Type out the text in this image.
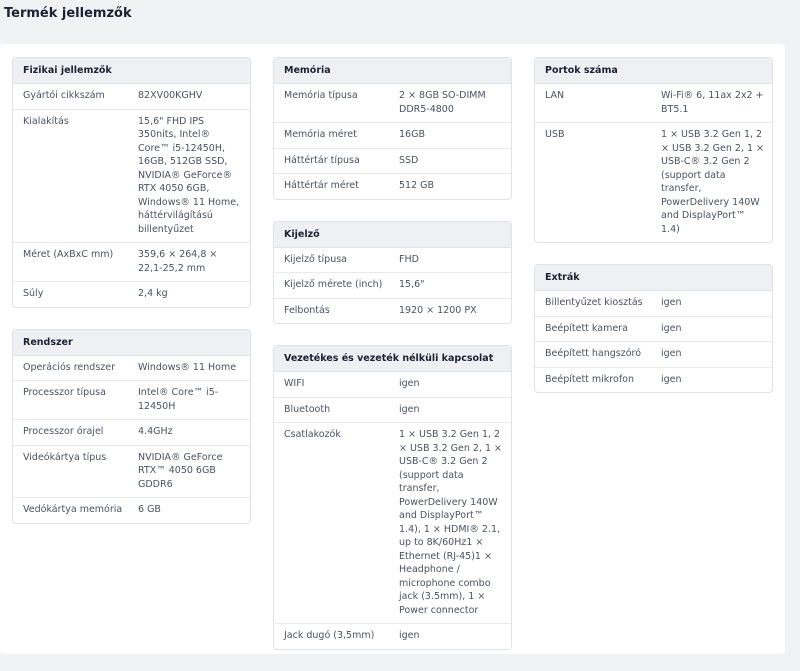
Termék jellemzők
Fizikai jellemzők
Gyártói cikkszám	82XV00KGHV
Kialakítás	15,6" FHD IPS 350nits, Intel® Core™ i5-12450H, 16GB, 512GB SSD, NVIDIA® GeForce® RTX 4050 6GB, Windows® 11 Home, háttérvilágítású billentyűzet
Méret (AxBxC mm)	359,6 × 264,8 × 22,1-25,2 mm
Súly	2,4 kg
Rendszer
Operációs rendszer	Windows® 11 Home
Processzor típusa	Intel® Core™ i5-12450H
Processzor órajel	4.4GHz
Videókártya típus	NVIDIA® GeForce RTX™ 4050 6GB GDDR6
Vedókártya memória	6 GB
Memória
Memória típusa	2 × 8GB SO-DIMM DDR5-4800
Memória méret	16GB
Háttértár típusa	SSD
Háttértár méret	512 GB
Kijelző
Kijelző típusa	FHD
Kijelző mérete (inch)	15,6"
Felbontás	1920 × 1200 PX
Vezetékes és vezeték nélküli kapcsolat
WIFI	igen
Bluetooth	igen
Csatlakozók	1 × USB 3.2 Gen 1, 2 × USB 3.2 Gen 2, 1 × USB-C® 3.2 Gen 2 (support data transfer, PowerDelivery 140W and DisplayPort™ 1.4), 1 × HDMI® 2.1, up to 8K/60Hz1 × Ethernet (RJ-45)1 × Headphone / microphone combo jack (3.5mm), 1 × Power connector
Jack dugó (3,5mm)	igen
Portok száma
LAN	Wi-Fi® 6, 11ax 2x2 + BT5.1
USB	1 × USB 3.2 Gen 1, 2 × USB 3.2 Gen 2, 1 × USB-C® 3.2 Gen 2 (support data transfer, PowerDelivery 140W and DisplayPort™ 1.4)
Extrák
Billentyűzet kiosztás	igen
Beépített kamera	igen
Beépített hangszóró	igen
Beépített mikrofon	igen
